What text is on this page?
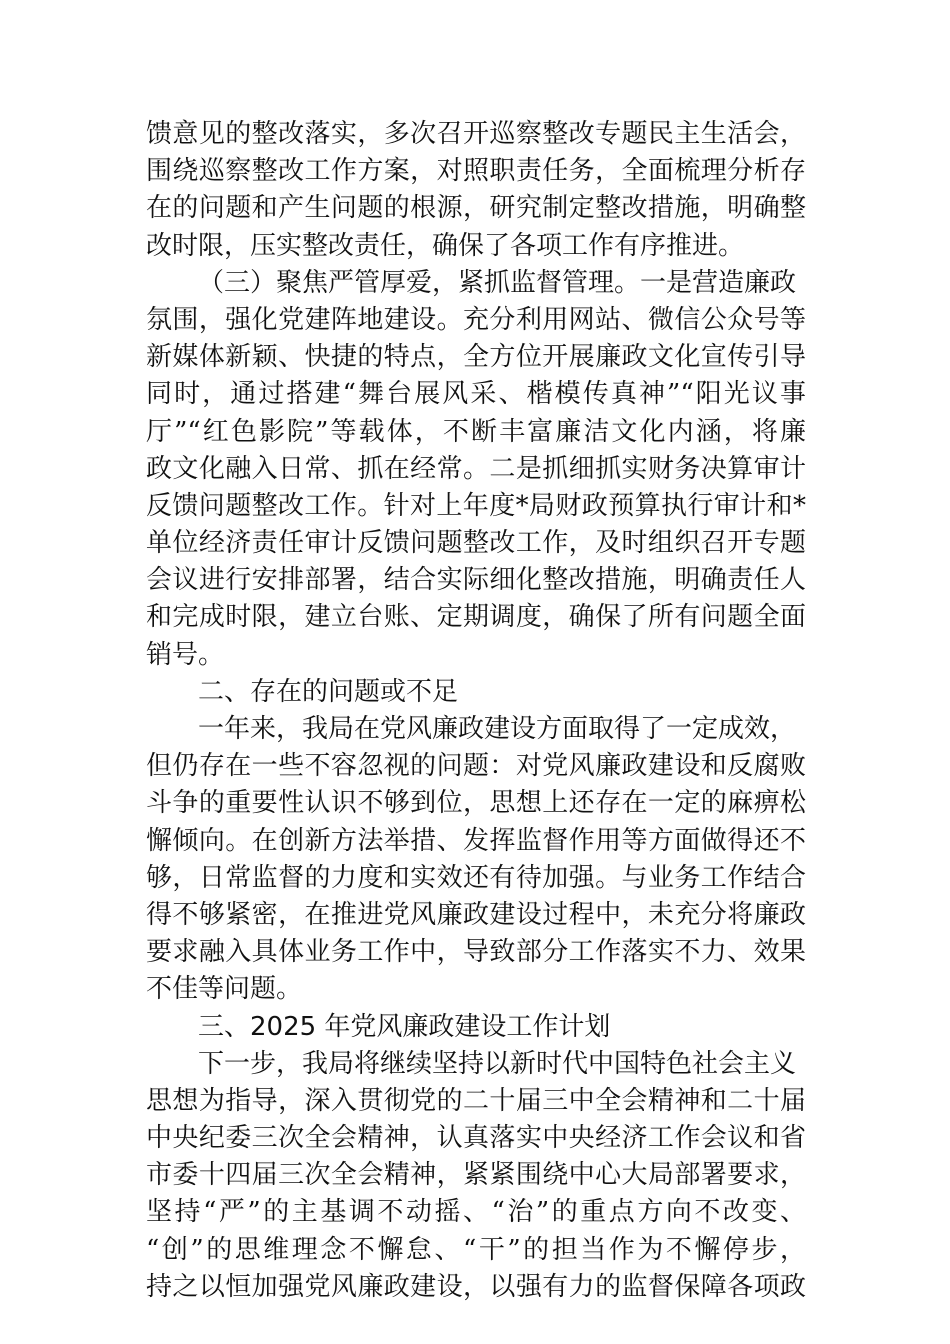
馈意见的整改落实，多次召开巡察整改专题民主生活会，
围绕巡察整改工作方案，对照职责任务，全面梳理分析存
在的问题和产生问题的根源，研究制定整改措施，明确整
改时限，压实整改责任，确保了各项工作有序推进。
（三）聚焦严管厚爱，紧抓监督管理。一是营造廉政
氛围，强化党建阵地建设。充分利用网站、微信公众号等
新媒体新颖、快捷的特点，全方位开展廉政文化宣传引导
同时，通过搭建“舞台展风采、楷模传真神”“阳光议事
厅”“红色影院”等载体，不断丰富廉洁文化内涵，将廉
政文化融入日常、抓在经常。二是抓细抓实财务决算审计
反馈问题整改工作。针对上年度*局财政预算执行审计和*
单位经济责任审计反馈问题整改工作，及时组织召开专题
会议进行安排部署，结合实际细化整改措施，明确责任人
和完成时限，建立台账、定期调度，确保了所有问题全面
销号。
二、存在的问题或不足
一年来，我局在党风廉政建设方面取得了一定成效，
但仍存在一些不容忽视的问题：对党风廉政建设和反腐败
斗争的重要性认识不够到位，思想上还存在一定的麻痹松
懈倾向。在创新方法举措、发挥监督作用等方面做得还不
够，日常监督的力度和实效还有待加强。与业务工作结合
得不够紧密，在推进党风廉政建设过程中，未充分将廉政
要求融入具体业务工作中，导致部分工作落实不力、效果
不佳等问题。
三、2025 年党风廉政建设工作计划
下一步，我局将继续坚持以新时代中国特色社会主义
思想为指导，深入贯彻党的二十届三中全会精神和二十届
中央纪委三次全会精神，认真落实中央经济工作会议和省
市委十四届三次全会精神，紧紧围绕中心大局部署要求，
坚持“严”的主基调不动摇、“治”的重点方向不改变、
“创”的思维理念不懈怠、“干”的担当作为不懈停步，
持之以恒加强党风廉政建设，以强有力的监督保障各项政
